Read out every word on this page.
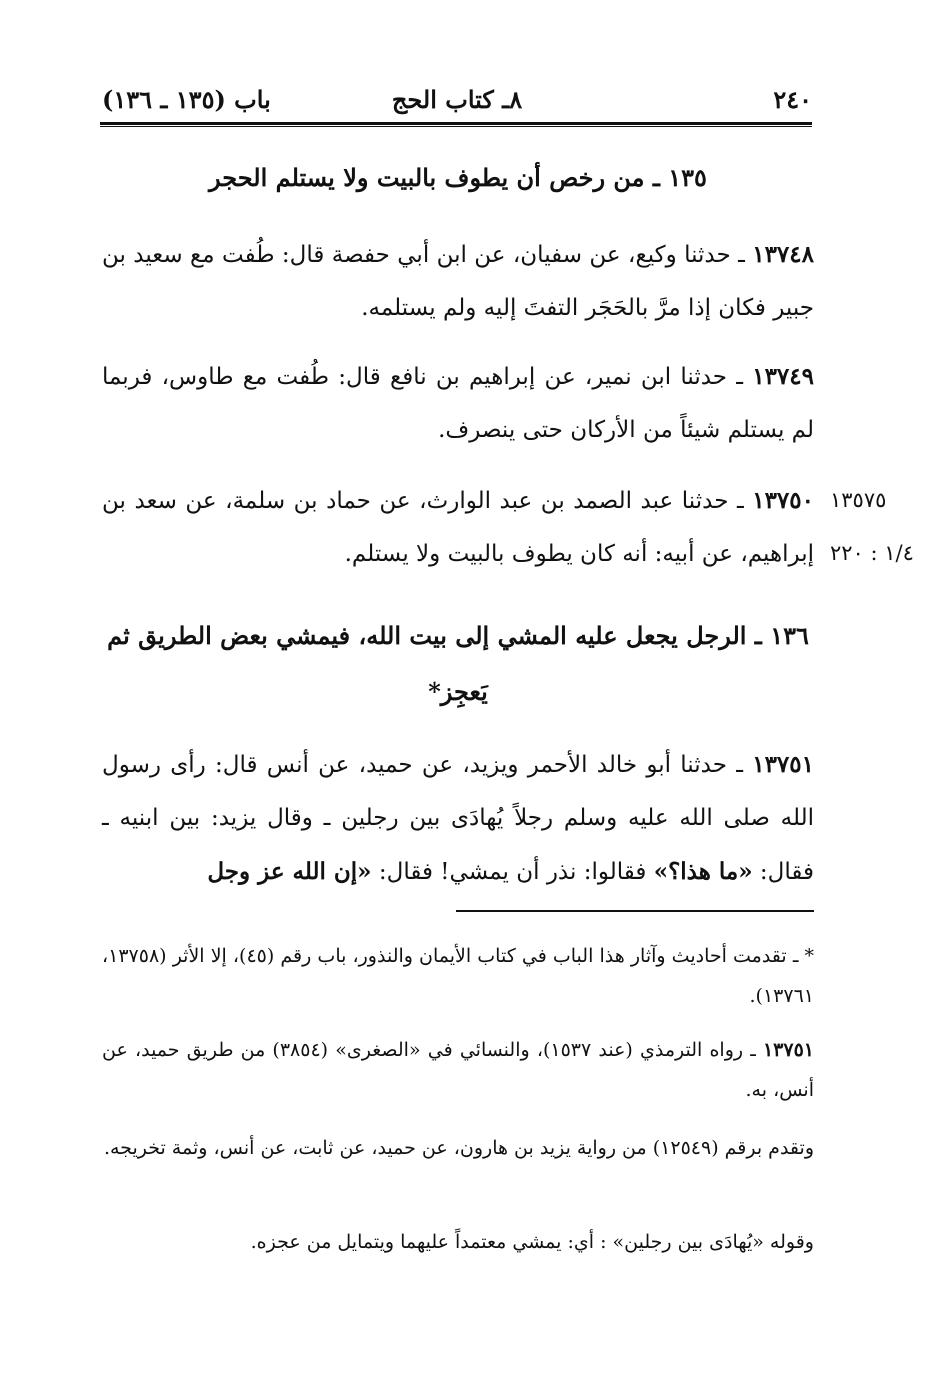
٢٤٠
٨ـ كتاب الحج
باب (١٣٥ ـ ١٣٦)
١٣٥ ـ من رخص أن يطوف بالبيت ولا يستلم الحجر
١٣٧٤٨ ـ حدثنا وكيع، عن سفيان، عن ابن أبي حفصة قال: طُفت مع سعيد بن جبير فكان إذا مرَّ بالحَجَر التفتَ إليه ولم يستلمه.
١٣٧٤٩ ـ حدثنا ابن نمير، عن إبراهيم بن نافع قال: طُفت مع طاوس، فربما لم يستلم شيئاً من الأركان حتى ينصرف.
١٣٧٥٠ ـ حدثنا عبد الصمد بن عبد الوارث، عن حماد بن سلمة، عن سعد بن إبراهيم، عن أبيه: أنه كان يطوف بالبيت ولا يستلم.
١٣٥٧٥
١/٤ : ٢٢٠
١٣٦ ـ الرجل يجعل عليه المشي إلى بيت الله، فيمشي بعض الطريق ثم يَعجِز*
١٣٧٥١ ـ حدثنا أبو خالد الأحمر ويزيد، عن حميد، عن أنس قال: رأى رسول الله صلى الله عليه وسلم رجلاً يُهادَى بين رجلين ـ وقال يزيد: بين ابنيه ـ فقال: «ما هذا؟» فقالوا: نذر أن يمشي! فقال: «إن الله عز وجل
* ـ تقدمت أحاديث وآثار هذا الباب في كتاب الأيمان والنذور، باب رقم (٤٥)، إلا الأثر (١٣٧٥٨، ١٣٧٦١).
١٣٧٥١ ـ رواه الترمذي (عند ١٥٣٧)، والنسائي في «الصغرى» (٣٨٥٤) من طريق حميد، عن أنس، به.
وتقدم برقم (١٢٥٤٩) من رواية يزيد بن هارون، عن حميد، عن ثابت، عن أنس، وثمة تخريجه.
وقوله «يُهادَى بين رجلين» : أي: يمشي معتمداً عليهما ويتمايل من عجزه.
